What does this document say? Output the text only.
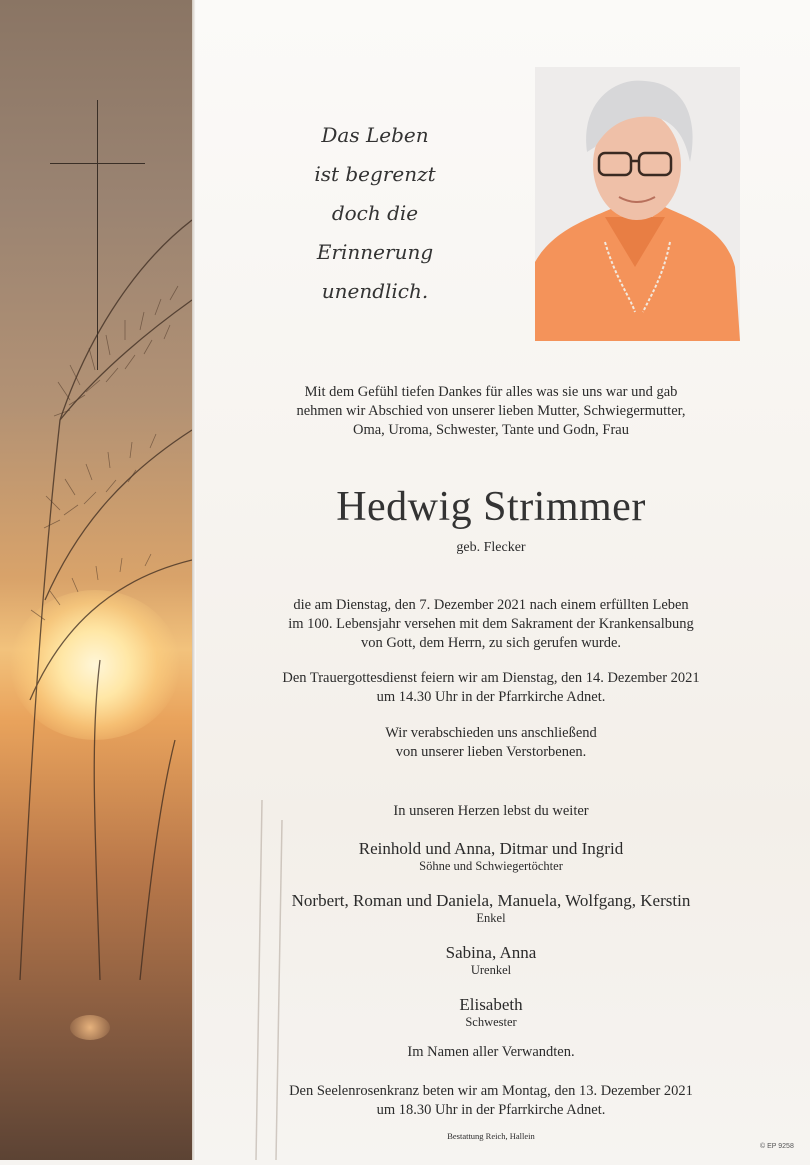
Das Leben
ist begrenzt
doch die
Erinnerung
unendlich.
Mit dem Gefühl tiefen Dankes für alles was sie uns war und gab
nehmen wir Abschied von unserer lieben Mutter, Schwiegermutter,
Oma, Uroma, Schwester, Tante und Godn, Frau
Hedwig Strimmer
geb. Flecker
die am Dienstag, den 7. Dezember 2021 nach einem erfüllten Leben
im 100. Lebensjahr versehen mit dem Sakrament der Krankensalbung
von Gott, dem Herrn, zu sich gerufen wurde.
Den Trauergottesdienst feiern wir am Dienstag, den 14. Dezember 2021
um 14.30 Uhr in der Pfarrkirche Adnet.
Wir verabschieden uns anschließend
von unserer lieben Verstorbenen.
In unseren Herzen lebst du weiter
Reinhold und Anna, Ditmar und Ingrid
Söhne und Schwiegertöchter
Norbert, Roman und Daniela, Manuela, Wolfgang, Kerstin
Enkel
Sabina, Anna
Urenkel
Elisabeth
Schwester
Im Namen aller Verwandten.
Den Seelenrosenkranz beten wir am Montag, den 13. Dezember 2021
um 18.30 Uhr in der Pfarrkirche Adnet.
Bestattung Reich, Hallein
© EP 9258
